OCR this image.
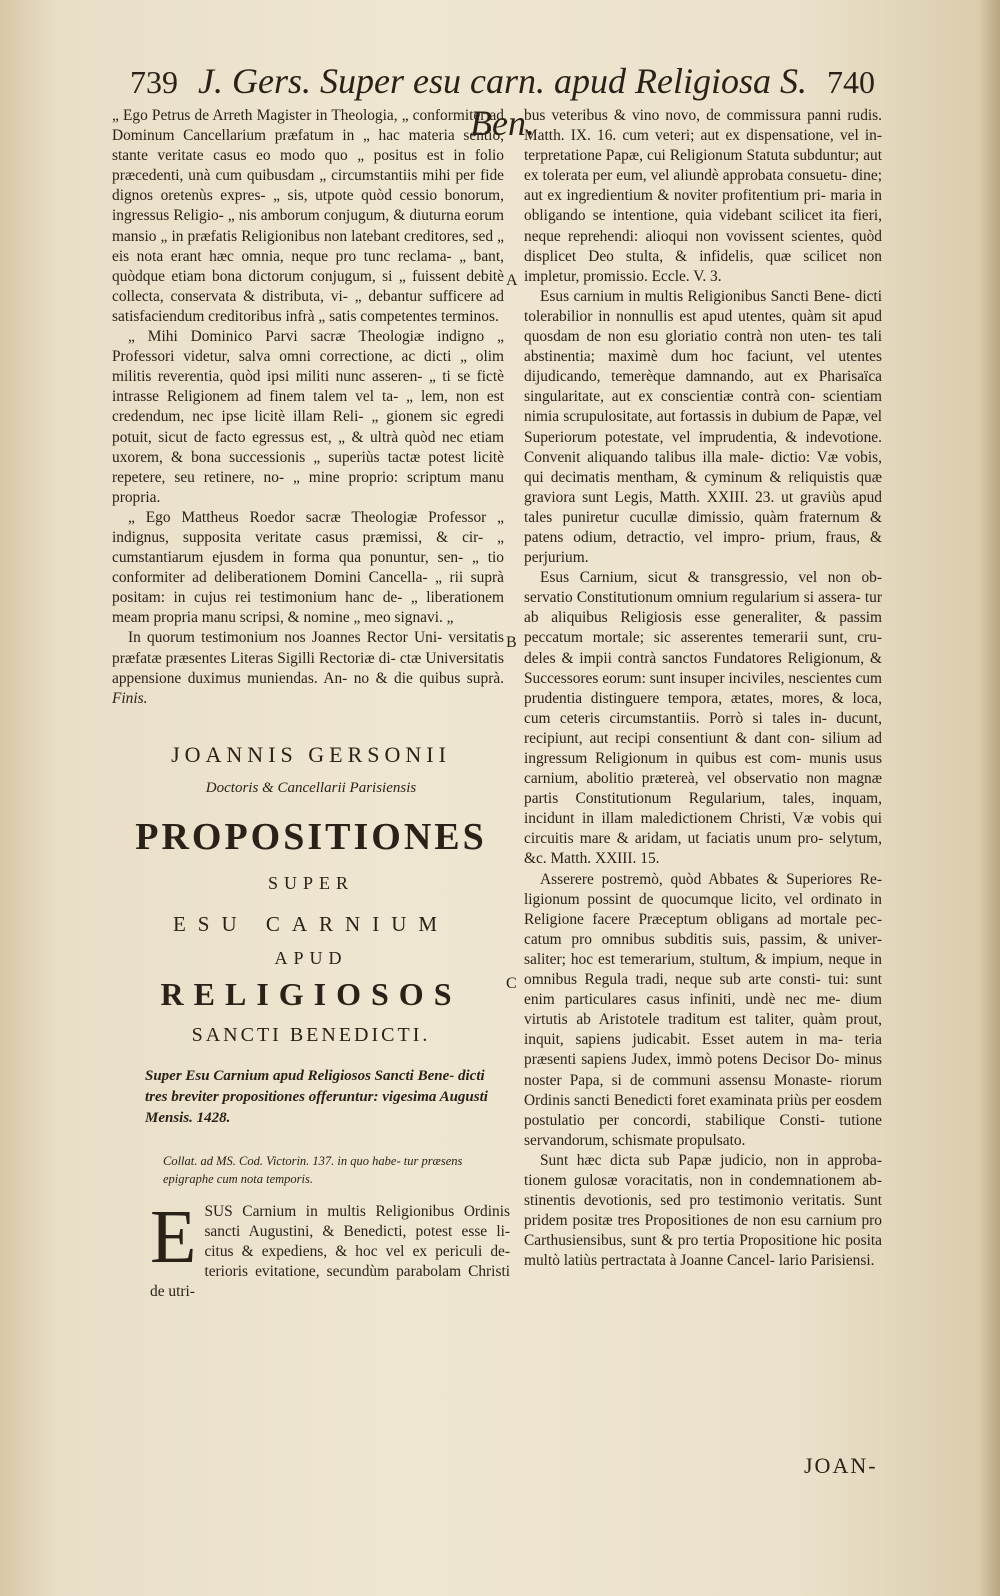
739 J. Gers. Super esu carn. apud Religiosa S. Ben.
740

„ Ego Petrus de Arreth Magister in Theologia, „ conformiter ad Dominum Cancellarium præfatum in „ hac materia sentio, stante veritate casus eo modo quo „ positus est in folio præcedenti, unà cum quibusdam „ circumstantiis mihi per fide dignos oretenùs expres- „ sis, utpote quòd cessio bonorum, ingressus Religio- „ nis amborum conjugum, & diuturna eorum mansio „ in præfatis Religionibus non latebant creditores, sed „ eis nota erant hæc omnia, neque pro tunc reclama- „ bant, quòdque etiam bona dictorum conjugum, si „ fuissent debitè collecta, conservata & distributa, vi- „ debantur sufficere ad satisfaciendum creditoribus infrà „ satis competentes terminos.

„ Mihi Dominico Parvi sacræ Theologiæ indigno „ Professori videtur, salva omni correctione, ac dicti „ olim militis reverentia, quòd ipsi militi nunc asseren- „ ti se fictè intrasse Religionem ad finem talem vel ta- „ lem, non est credendum, nec ipse licitè illam Reli- „ gionem sic egredi potuit, sicut de facto egressus est, „ & ultrà quòd nec etiam uxorem, & bona successionis „ superiùs tactæ potest licitè repetere, seu retinere, no- „ mine proprio: scriptum manu propria.

„ Ego Mattheus Roedor sacræ Theologiæ Professor „ indignus, supposita veritate casus præmissi, & cir- „ cumstantiarum ejusdem in forma qua ponuntur, sen- „ tio conformiter ad deliberationem Domini Cancella- „ rii suprà positam: in cujus rei testimonium hanc de- „ liberationem meam propria manu scripsi, & nomine „ meo signavi. „

In quorum testimonium nos Joannes Rector Uni- versitatis præfatæ præsentes Literas Sigilli Rectoriæ di- ctæ Universitatis appensione duximus muniendas. An- no & die quibus suprà. Finis.

A
B
C
JOANNIS GERSONII
Doctoris & Cancellarii Parisiensis
PROPOSITIONES
SUPER
ESU CARNIUM
APUD
RELIGIOSOS
SANCTI BENEDICTI.
Super Esu Carnium apud Religiosos Sancti Bene- dicti tres breviter propositiones offeruntur: vigesima Augusti Mensis. 1428.
Collat. ad MS. Cod. Victorin. 137. in quo habe- tur præsens epigraphe cum nota temporis.
ESUS Carnium in multis Religionibus Ordinis sancti Augustini, & Benedicti, potest esse li- citus & expediens, & hoc vel ex periculi de- terioris evitatione, secundùm parabolam Christi de utri-

bus veteribus & vino novo, de commissura panni rudis. Matth. IX. 16. cum veteri; aut ex dispensatione, vel in- terpretatione Papæ, cui Religionum Statuta subduntur; aut ex tolerata per eum, vel aliundè approbata consuetu- dine; aut ex ingredientium & noviter profitentium pri- maria in obligando se intentione, quia videbant scilicet ita fieri, neque reprehendi: alioqui non vovissent scientes, quòd displicet Deo stulta, & infidelis, quæ scilicet non impletur, promissio. Eccle. V. 3.

Esus carnium in multis Religionibus Sancti Bene- dicti tolerabilior in nonnullis est apud utentes, quàm sit apud quosdam de non esu gloriatio contrà non uten- tes tali abstinentia; maximè dum hoc faciunt, vel utentes dijudicando, temerèque damnando, aut ex Pharisaïca singularitate, aut ex conscientiæ contrà con- scientiam nimia scrupulositate, aut fortassis in dubium de Papæ, vel Superiorum potestate, vel imprudentia, & indevotione. Convenit aliquando talibus illa male- dictio: Væ vobis, qui decimatis mentham, & cyminum & reliquistis quæ graviora sunt Legis, Matth. XXIII. 23. ut graviùs apud tales puniretur cucullæ dimissio, quàm fraternum & patens odium, detractio, vel impro- prium, fraus, & perjurium.

Esus Carnium, sicut & transgressio, vel non ob- servatio Constitutionum omnium regularium si assera- tur ab aliquibus Religiosis esse generaliter, & passim peccatum mortale; sic asserentes temerarii sunt, cru- deles & impii contrà sanctos Fundatores Religionum, & Successores eorum: sunt insuper inciviles, nescientes cum prudentia distinguere tempora, ætates, mores, & loca, cum ceteris circumstantiis. Porrò si tales in- ducunt, recipiunt, aut recipi consentiunt & dant con- silium ad ingressum Religionum in quibus est com- munis usus carnium, abolitio prætereà, vel observatio non magnæ partis Constitutionum Regularium, tales, inquam, incidunt in illam maledictionem Christi, Væ vobis qui circuitis mare & aridam, ut faciatis unum pro- selytum, &c. Matth. XXIII. 15.

Asserere postremò, quòd Abbates & Superiores Re- ligionum possint de quocumque licito, vel ordinato in Religione facere Præceptum obligans ad mortale pec- catum pro omnibus subditis suis, passim, & univer- saliter; hoc est temerarium, stultum, & impium, neque in omnibus Regula tradi, neque sub arte consti- tui: sunt enim particulares casus infiniti, undè nec me- dium virtutis ab Aristotele traditum est taliter, quàm prout, inquit, sapiens judicabit. Esset autem in ma- teria præsenti sapiens Judex, immò potens Decisor Do- minus noster Papa, si de communi assensu Monaste- riorum Ordinis sancti Benedicti foret examinata priùs per eosdem postulatio per concordi, stabilique Consti- tutione servandorum, schismate propulsato.

Sunt hæc dicta sub Papæ judicio, non in approba- tionem gulosæ voracitatis, non in condemnationem ab- stinentis devotionis, sed pro testimonio veritatis. Sunt pridem positæ tres Propositiones de non esu carnium pro Carthusiensibus, sunt & pro tertia Propositione hic posita multò latiùs pertractata à Joanne Cancel- lario Parisiensi.

JOAN-
